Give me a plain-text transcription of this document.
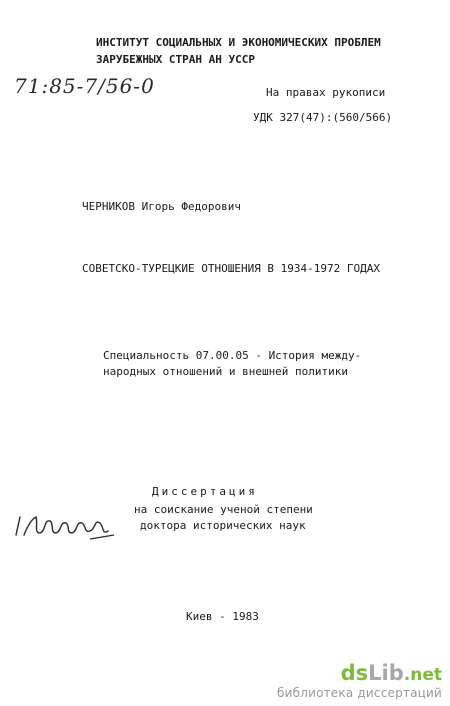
ИНСТИТУТ СОЦИАЛЬНЫХ И ЭКОНОМИЧЕСКИХ ПРОБЛЕМ
ЗАРУБЕЖНЫХ СТРАН АН УССР
71:85-7/56-0	На правах рукописи
УДК 327(47):(560/566)
ЧЕРНИКОВ Игорь Федорович
СОВЕТСКО-ТУРЕЦКИЕ ОТНОШЕНИЯ В 1934-1972 ГОДАХ
Специальность 07.00.05 - История между-
народных отношений и внешней политики
Диссертация
на соискание ученой степени
доктора исторических наук
Киев - 1983
dsLib.net
библиотека диссертаций
